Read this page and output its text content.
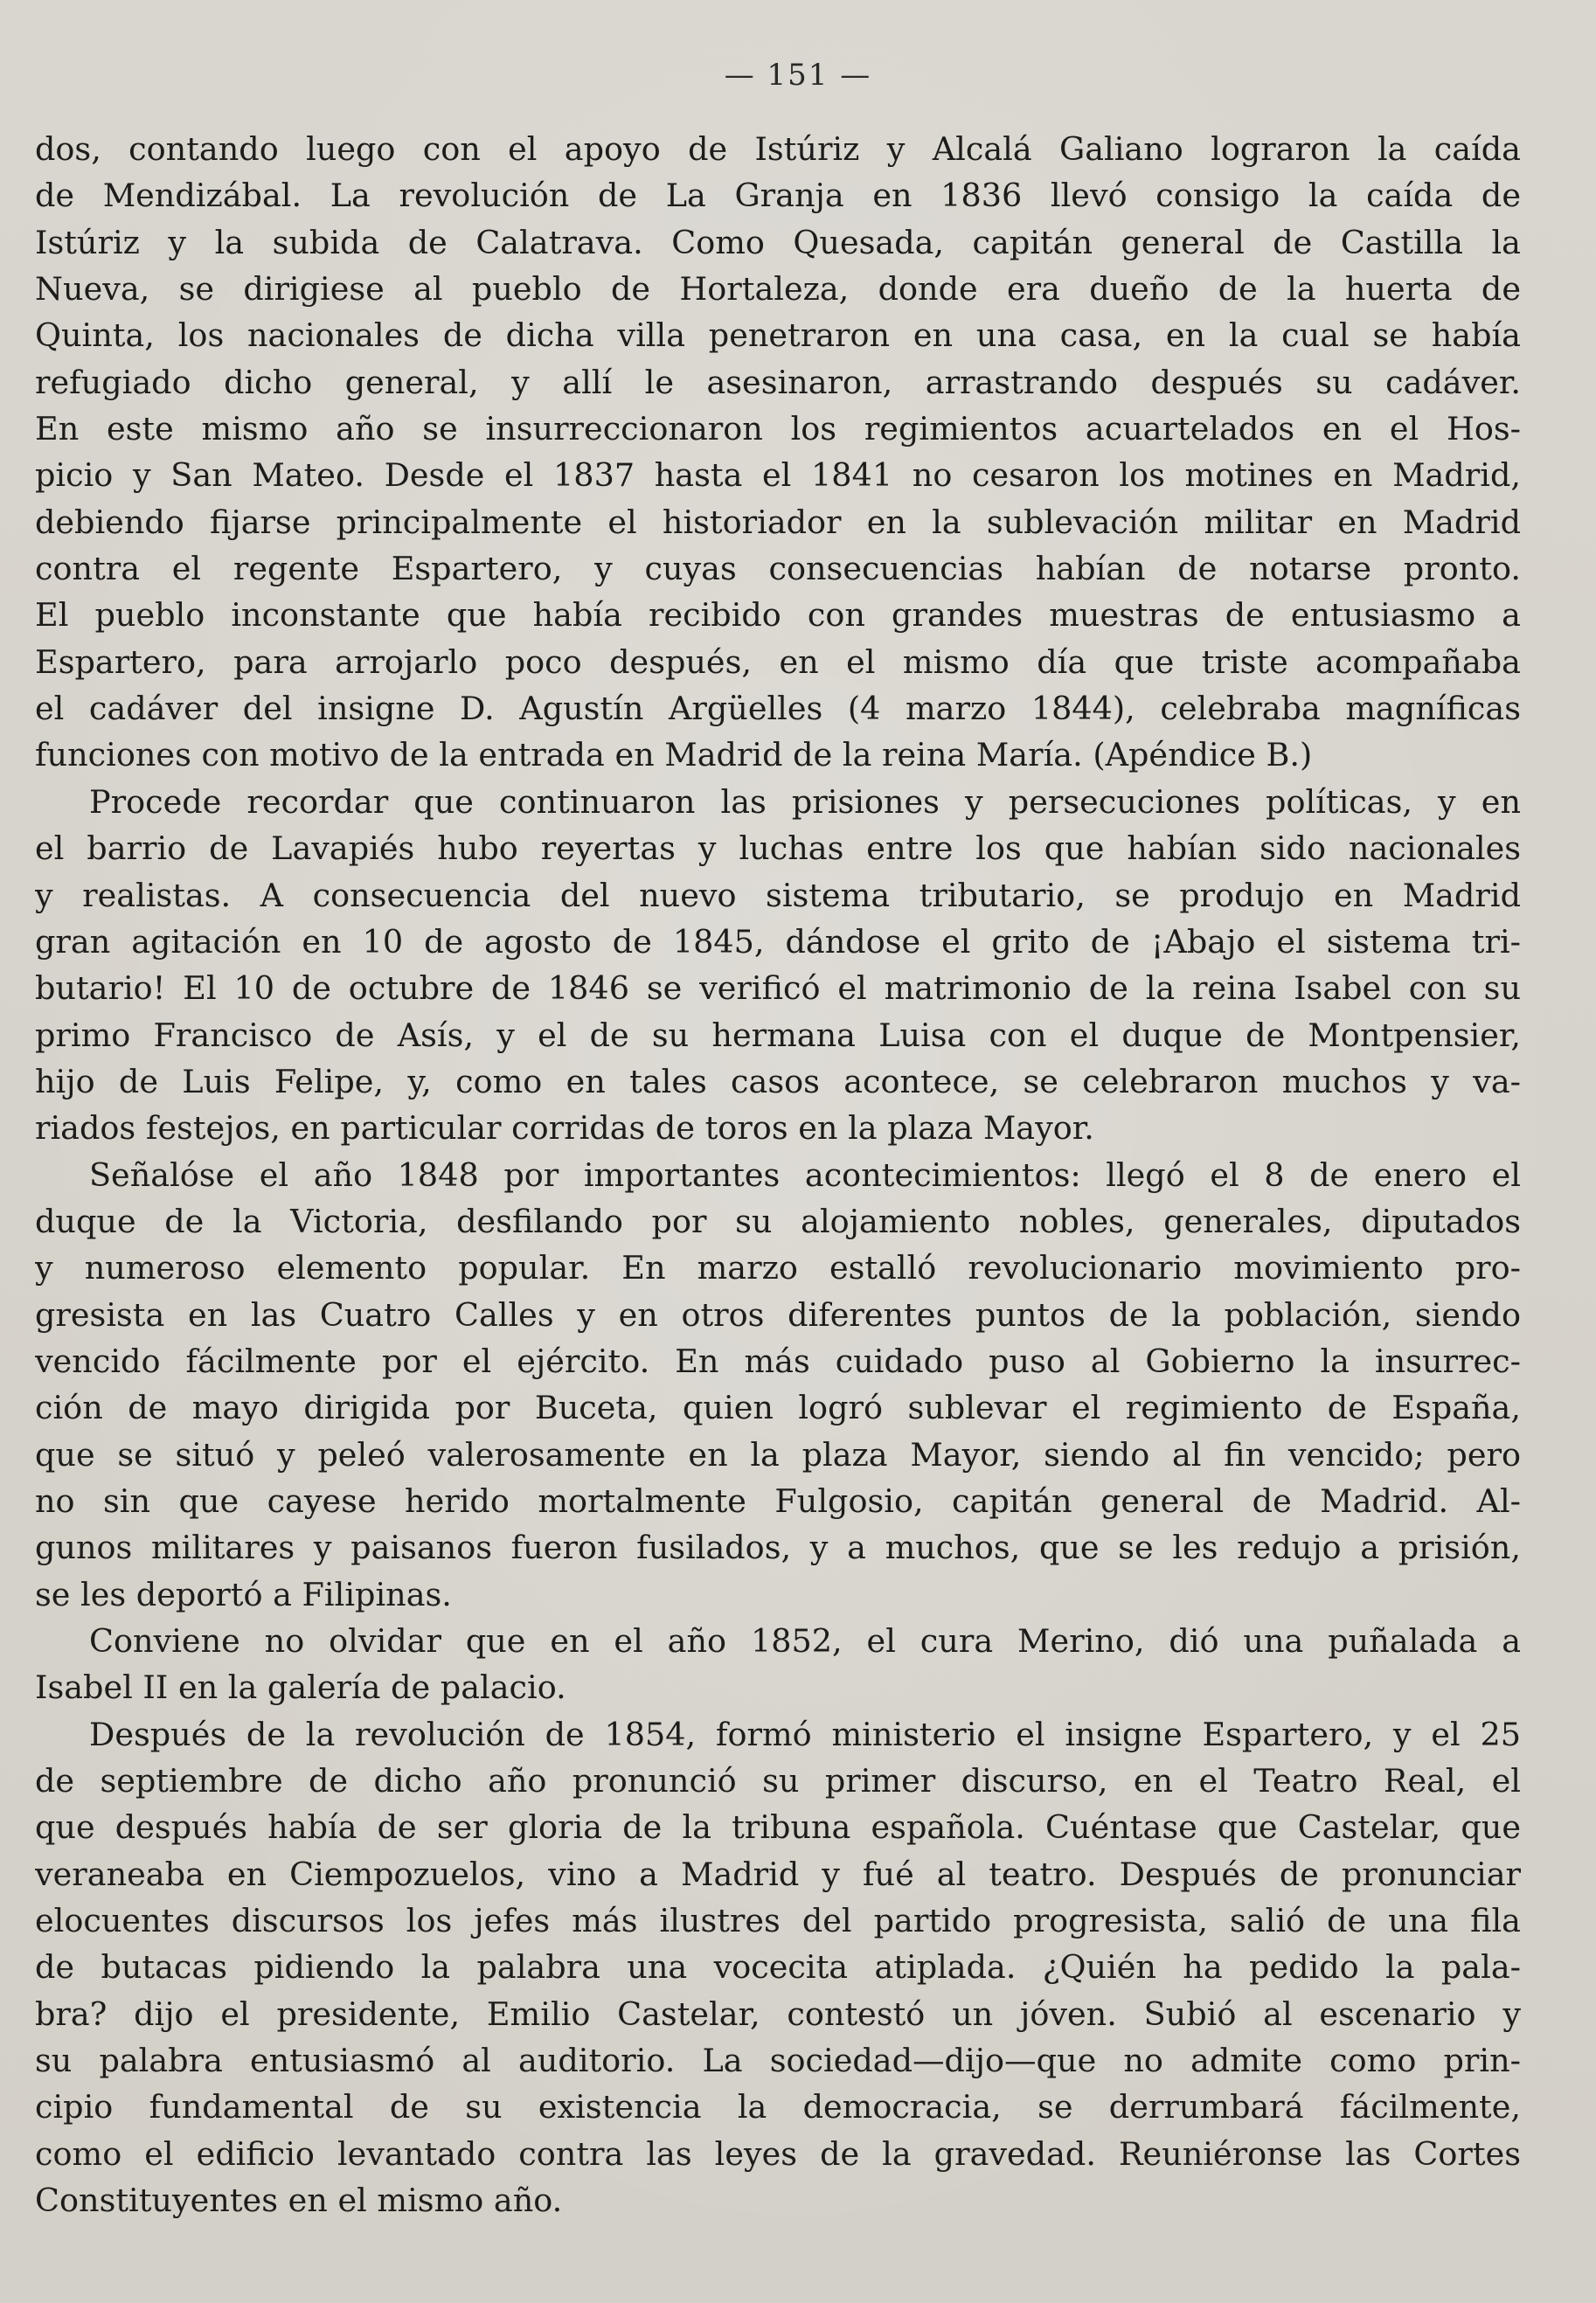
— 151 —
dos, contando luego con el apoyo de Istúriz y Alcalá Galiano lograron la caída
de Mendizábal. La revolución de La Granja en 1836 llevó consigo la caída de
Istúriz y la subida de Calatrava. Como Quesada, capitán general de Castilla la
Nueva, se dirigiese al pueblo de Hortaleza, donde era dueño de la huerta de
Quinta, los nacionales de dicha villa penetraron en una casa, en la cual se había
refugiado dicho general, y allí le asesinaron, arrastrando después su cadáver.
En este mismo año se insurreccionaron los regimientos acuartelados en el Hos-
picio y San Mateo. Desde el 1837 hasta el 1841 no cesaron los motines en Madrid,
debiendo fijarse principalmente el historiador en la sublevación militar en Madrid
contra el regente Espartero, y cuyas consecuencias habían de notarse pronto.
El pueblo inconstante que había recibido con grandes muestras de entusiasmo a
Espartero, para arrojarlo poco después, en el mismo día que triste acompañaba
el cadáver del insigne D. Agustín Argüelles (4 marzo 1844), celebraba magníficas
funciones con motivo de la entrada en Madrid de la reina María. (Apéndice B.)
Procede recordar que continuaron las prisiones y persecuciones políticas, y en
el barrio de Lavapiés hubo reyertas y luchas entre los que habían sido nacionales
y realistas. A consecuencia del nuevo sistema tributario, se produjo en Madrid
gran agitación en 10 de agosto de 1845, dándose el grito de ¡Abajo el sistema tri-
butario! El 10 de octubre de 1846 se verificó el matrimonio de la reina Isabel con su
primo Francisco de Asís, y el de su hermana Luisa con el duque de Montpensier,
hijo de Luis Felipe, y, como en tales casos acontece, se celebraron muchos y va-
riados festejos, en particular corridas de toros en la plaza Mayor.
Señalóse el año 1848 por importantes acontecimientos: llegó el 8 de enero el
duque de la Victoria, desfilando por su alojamiento nobles, generales, diputados
y numeroso elemento popular. En marzo estalló revolucionario movimiento pro-
gresista en las Cuatro Calles y en otros diferentes puntos de la población, siendo
vencido fácilmente por el ejército. En más cuidado puso al Gobierno la insurrec-
ción de mayo dirigida por Buceta, quien logró sublevar el regimiento de España,
que se situó y peleó valerosamente en la plaza Mayor, siendo al fin vencido; pero
no sin que cayese herido mortalmente Fulgosio, capitán general de Madrid. Al-
gunos militares y paisanos fueron fusilados, y a muchos, que se les redujo a prisión,
se les deportó a Filipinas.
Conviene no olvidar que en el año 1852, el cura Merino, dió una puñalada a
Isabel II en la galería de palacio.
Después de la revolución de 1854, formó ministerio el insigne Espartero, y el 25
de septiembre de dicho año pronunció su primer discurso, en el Teatro Real, el
que después había de ser gloria de la tribuna española. Cuéntase que Castelar, que
veraneaba en Ciempozuelos, vino a Madrid y fué al teatro. Después de pronunciar
elocuentes discursos los jefes más ilustres del partido progresista, salió de una fila
de butacas pidiendo la palabra una vocecita atiplada. ¿Quién ha pedido la pala-
bra? dijo el presidente, Emilio Castelar, contestó un jóven. Subió al escenario y
su palabra entusiasmó al auditorio. La sociedad—dijo—que no admite como prin-
cipio fundamental de su existencia la democracia, se derrumbará fácilmente,
como el edificio levantado contra las leyes de la gravedad. Reuniéronse las Cortes
Constituyentes en el mismo año.
